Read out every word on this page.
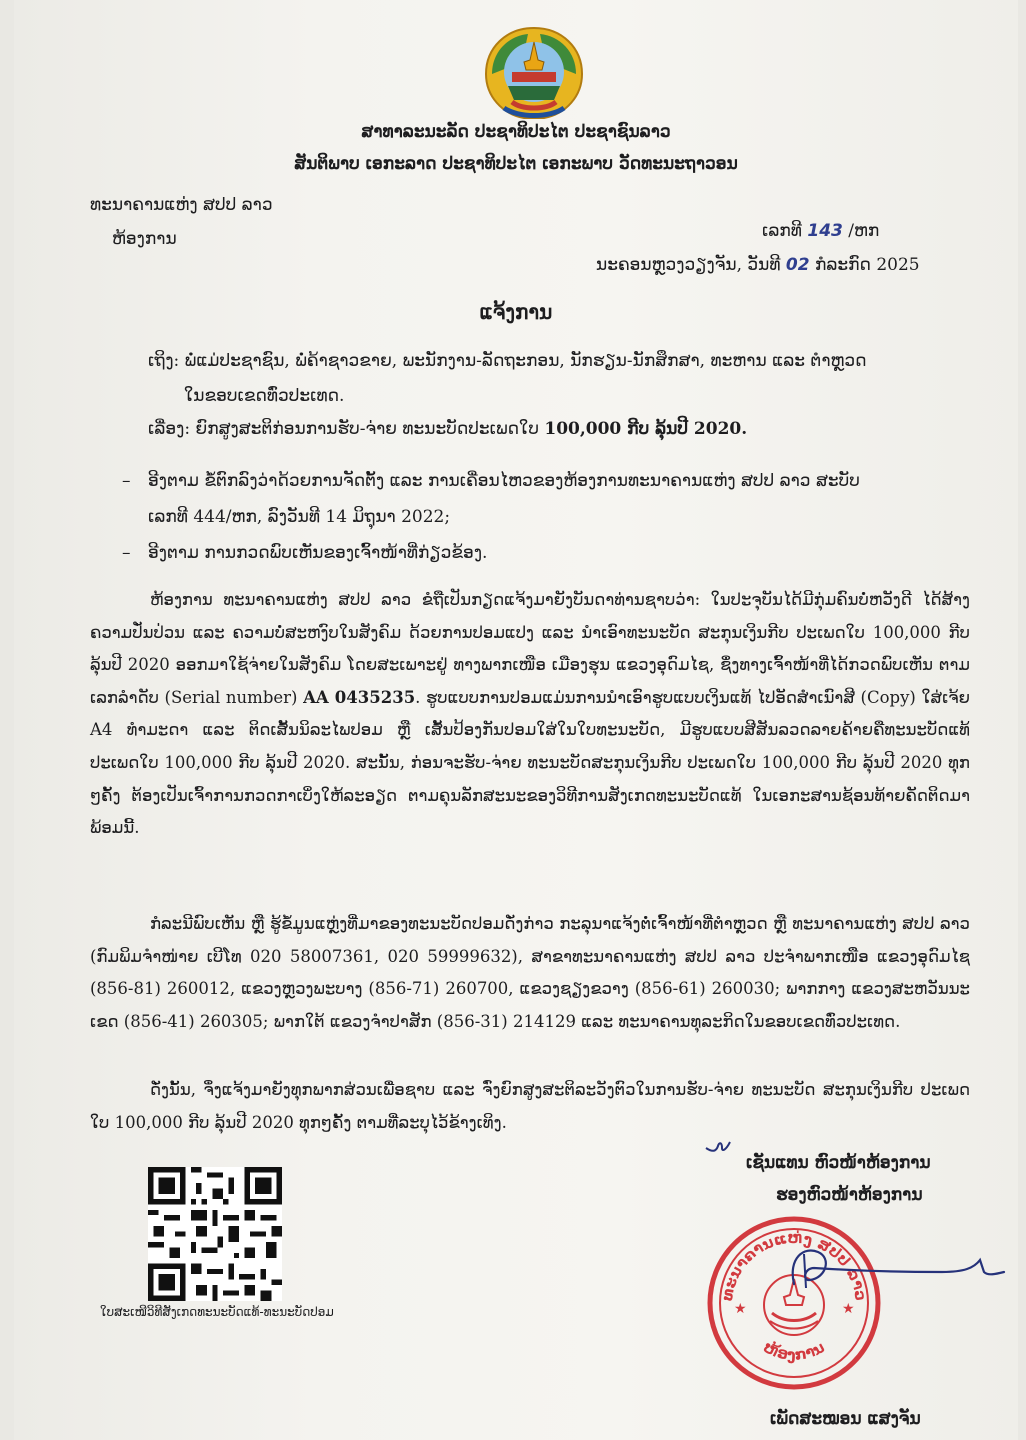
ສາທາລະນະລັດ ປະຊາທິປະໄຕ ປະຊາຊົນລາວ
ສັນຕິພາບ ເອກະລາດ ປະຊາທິປະໄຕ ເອກະພາບ ວັດທະນະຖາວອນ
ທະນາຄານແຫ່ງ ສປປ ລາວ
ຫ້ອງການ	ເລກທີ 143 /ຫກ
ນະຄອນຫຼວງວຽງຈັນ, ວັນທີ 02 ກໍລະກົດ 2025
ແຈ້ງການ
ເຖິງ: ພໍ່ແມ່ປະຊາຊົນ, ພໍ່ຄ້າຊາວຂາຍ, ພະນັກງານ-ລັດຖະກອນ, ນັກຮຽນ-ນັກສຶກສາ, ທະຫານ ແລະ ຕຳຫຼວດ
ໃນຂອບເຂດທົ່ວປະເທດ.
ເລື່ອງ: ຍົກສູງສະຕິກ່ອນການຮັບ-ຈ່າຍ ທະນະບັດປະເພດໃບ 100,000 ກີບ ລຸ້ນປີ 2020.
– ອີງຕາມ ຂໍ້ຕົກລົງວ່າດ້ວຍການຈັດຕັ້ງ ແລະ ການເຄື່ອນໄຫວຂອງຫ້ອງການທະນາຄານແຫ່ງ ສປປ ລາວ ສະບັບ
ເລກທີ 444/ຫກ, ລົງວັນທີ 14 ມິຖຸນາ 2022;
– ອີງຕາມ ການກວດພົບເຫັນຂອງເຈົ້າໜ້າທີ່ກ່ຽວຂ້ອງ.
ຫ້ອງການ ທະນາຄານແຫ່ງ ສປປ ລາວ ຂໍຖືເປັນກຽດແຈ້ງມາຍັງບັນດາທ່ານຊາບວ່າ: ໃນປະຈຸບັນໄດ້ມີກຸ່ມຄົນບໍ່ຫວັງດີ ໄດ້ສ້າງຄວາມປັ່ນປ່ວນ ແລະ ຄວາມບໍ່ສະຫງົບໃນສັງຄົມ ດ້ວຍການປອມແປງ ແລະ ນຳເອົາທະນະບັດ ສະກຸນເງິນກີບ ປະເພດໃບ 100,000 ກີບ ລຸ້ນປີ 2020 ອອກມາໃຊ້ຈ່າຍໃນສັງຄົມ ໂດຍສະເພາະຢູ່ ທາງພາກເໜືອ ເມືອງຮຸນ ແຂວງອຸດົມໄຊ, ຊຶ່ງທາງເຈົ້າໜ້າທີ່ໄດ້ກວດພົບເຫັນ ຕາມເລກລຳດັບ (Serial number) AA 0435235. ຮູບແບບການປອມແມ່ນການນຳເອົາຮູບແບບເງິນແທ້ ໄປອັດສຳເນົາສີ (Copy) ໃສ່ເຈ້ຍ A4 ທຳມະດາ ແລະ ຕິດເສັ້ນນິລະໄພປອມ ຫຼື ເສັ້ນປ້ອງກັນປອມໃສ່ໃນໃບທະນະບັດ, ມີຮູບແບບສີສັນລວດລາຍຄ້າຍຄືທະນະບັດແທ້ ປະເພດໃບ 100,000 ກີບ ລຸ້ນປີ 2020. ສະນັ້ນ, ກ່ອນຈະຮັບ-ຈ່າຍ ທະນະບັດສະກຸນເງິນກີບ ປະເພດໃບ 100,000 ກີບ ລຸ້ນປີ 2020 ທຸກໆຄັ້ງ ຕ້ອງເປັນເຈົ້າການກວດກາເບິ່ງໃຫ້ລະອຽດ ຕາມຄຸນລັກສະນະຂອງວິທີການສັງເກດທະນະບັດແທ້ ໃນເອກະສານຊ້ອນທ້າຍຄັດຕິດມາພ້ອມນີ້.
ກໍລະນີພົບເຫັນ ຫຼື ຮູ້ຂໍ້ມູນແຫຼ່ງທີ່ມາຂອງທະນະບັດປອມດັ່ງກ່າວ ກະລຸນາແຈ້ງຕໍ່ເຈົ້າໜ້າທີ່ຕຳຫຼວດ ຫຼື ທະນາຄານແຫ່ງ ສປປ ລາວ (ກົມພິມຈຳໜ່າຍ ເບີໂທ 020 58007361, 020 59999632), ສາຂາທະນາຄານແຫ່ງ ສປປ ລາວ ປະຈຳພາກເໜືອ ແຂວງອຸດົມໄຊ (856-81) 260012, ແຂວງຫຼວງພະບາງ (856-71) 260700, ແຂວງຊຽງຂວາງ (856-61) 260030; ພາກກາງ ແຂວງສະຫວັນນະເຂດ (856-41) 260305; ພາກໃຕ້ ແຂວງຈຳປາສັກ (856-31) 214129 ແລະ ທະນາຄານທຸລະກິດໃນຂອບເຂດທົ່ວປະເທດ.
ດັ່ງນັ້ນ, ຈຶ່ງແຈ້ງມາຍັງທຸກພາກສ່ວນເພື່ອຊາບ ແລະ ຈົ່ງຍົກສູງສະຕິລະວັງຕົວໃນການຮັບ-ຈ່າຍ ທະນະບັດ ສະກຸນເງິນກີບ ປະເພດໃບ 100,000 ກີບ ລຸ້ນປີ 2020 ທຸກໆຄັ້ງ ຕາມທີ່ລະບຸໄວ້ຂ້າງເທິງ.
ເຊັນແທນ ຫົວໜ້າຫ້ອງການ
ຮອງຫົວໜ້າຫ້ອງການ
ໃບສະເໜີວິທີສັງເກດທະນະບັດແທ້-ທະນະບັດປອມ
ທະນາຄານແຫ່ງ ສປປ ລາວ
ຫ້ອງການ
★	★
ເພັດສະໝອນ ແສງຈັນ
